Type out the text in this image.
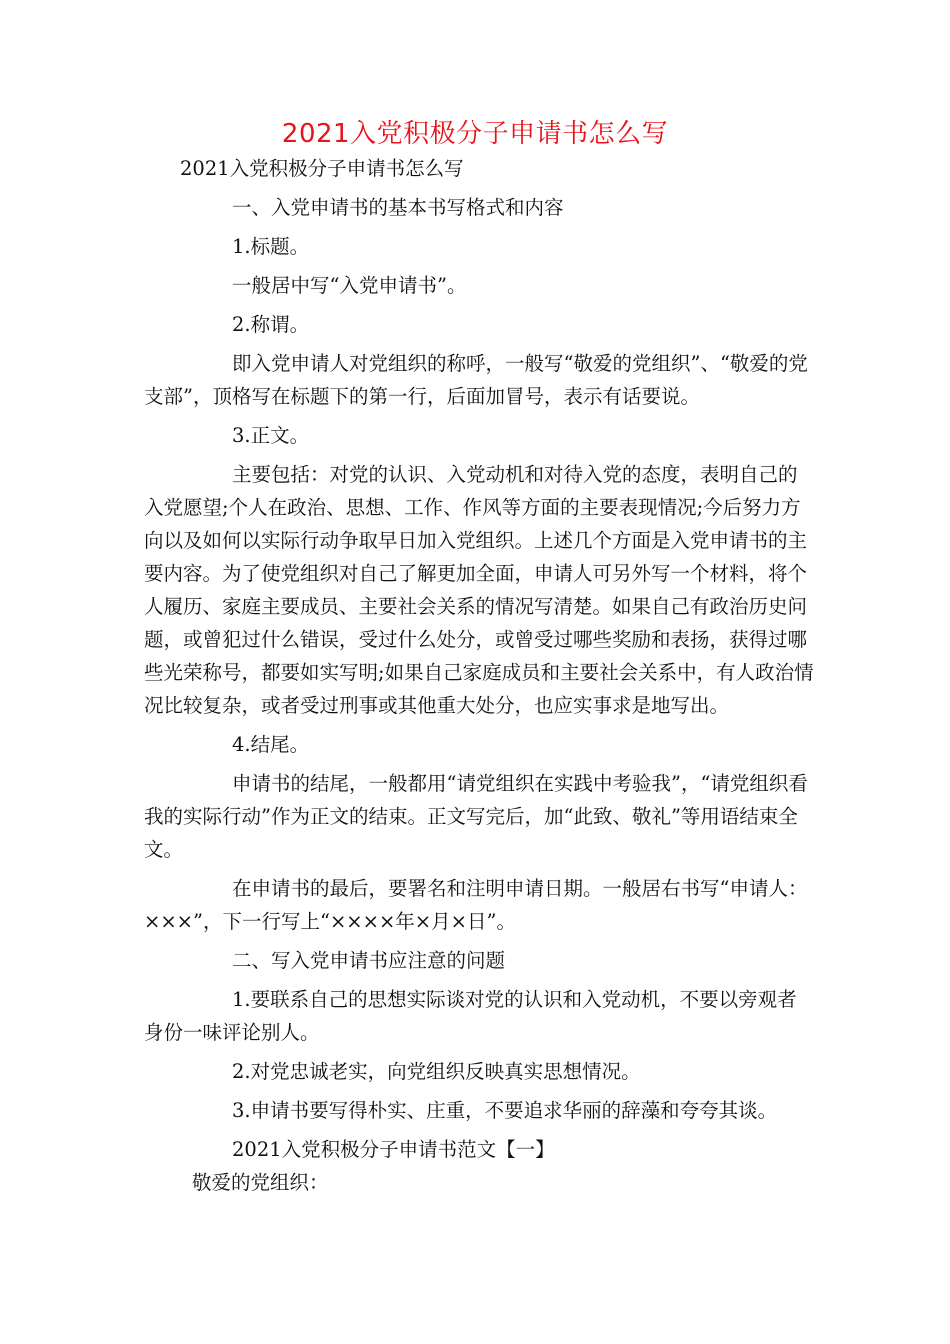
2021入党积极分子申请书怎么写

2021入党积极分子申请书怎么写

一、入党申请书的基本书写格式和内容

1.标题。

一般居中写“入党申请书”。

2.称谓。

即入党申请人对党组织的称呼，一般写“敬爱的党组织”、“敬爱的党支部”，顶格写在标题下的第一行，后面加冒号，表示有话要说。

3.正文。

主要包括：对党的认识、入党动机和对待入党的态度，表明自己的入党愿望;个人在政治、思想、工作、作风等方面的主要表现情况;今后努力方向以及如何以实际行动争取早日加入党组织。上述几个方面是入党申请书的主要内容。为了使党组织对自己了解更加全面，申请人可另外写一个材料，将个人履历、家庭主要成员、主要社会关系的情况写清楚。如果自己有政治历史问题，或曾犯过什么错误，受过什么处分，或曾受过哪些奖励和表扬，获得过哪些光荣称号，都要如实写明;如果自己家庭成员和主要社会关系中，有人政治情况比较复杂，或者受过刑事或其他重大处分，也应实事求是地写出。

4.结尾。

申请书的结尾，一般都用“请党组织在实践中考验我”，“请党组织看我的实际行动”作为正文的结束。正文写完后，加“此致、敬礼”等用语结束全文。

在申请书的最后，要署名和注明申请日期。一般居右书写“申请人：×××”，下一行写上“××××年×月×日”。

二、写入党申请书应注意的问题

1.要联系自己的思想实际谈对党的认识和入党动机，不要以旁观者身份一味评论别人。

2.对党忠诚老实，向党组织反映真实思想情况。

3.申请书要写得朴实、庄重，不要追求华丽的辞藻和夸夸其谈。

2021入党积极分子申请书范文【一】

敬爱的党组织：
